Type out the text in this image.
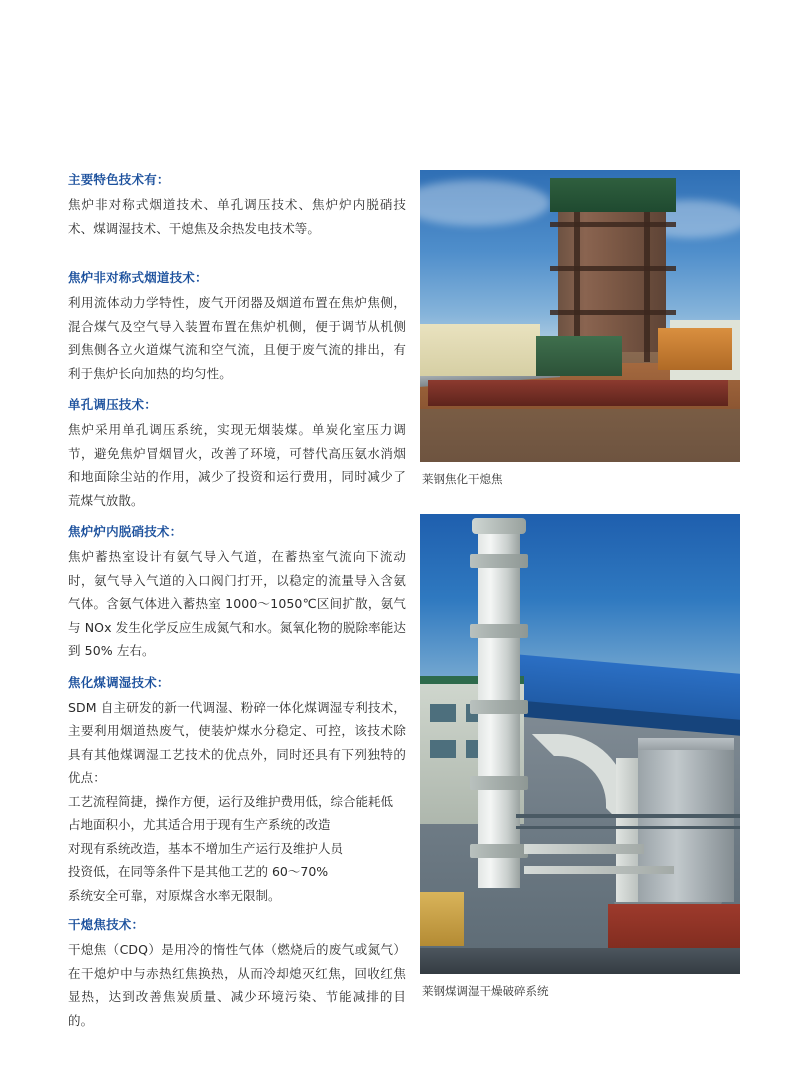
主要特色技术有：

焦炉非对称式烟道技术、单孔调压技术、焦炉炉内脱硝技术、煤调湿技术、干熄焦及余热发电技术等。

焦炉非对称式烟道技术：

利用流体动力学特性，废气开闭器及烟道布置在焦炉焦侧，混合煤气及空气导入装置布置在焦炉机侧，便于调节从机侧到焦侧各立火道煤气流和空气流，且便于废气流的排出，有利于焦炉长向加热的均匀性。

单孔调压技术：

焦炉采用单孔调压系统，实现无烟装煤。单炭化室压力调节，避免焦炉冒烟冒火，改善了环境，可替代高压氨水消烟和地面除尘站的作用，减少了投资和运行费用，同时减少了荒煤气放散。

焦炉炉内脱硝技术：

焦炉蓄热室设计有氨气导入气道，在蓄热室气流向下流动时，氨气导入气道的入口阀门打开，以稳定的流量导入含氨气体。含氨气体进入蓄热室 1000～1050℃区间扩散，氨气与 NOx 发生化学反应生成氮气和水。氮氧化物的脱除率能达到 50% 左右。

焦化煤调湿技术：

SDM 自主研发的新一代调湿、粉碎一体化煤调湿专利技术，主要利用烟道热废气，使装炉煤水分稳定、可控，该技术除具有其他煤调湿工艺技术的优点外，同时还具有下列独特的优点：

工艺流程简捷，操作方便，运行及维护费用低，综合能耗低
占地面积小，尤其适合用于现有生产系统的改造
对现有系统改造，基本不增加生产运行及维护人员
投资低，在同等条件下是其他工艺的 60～70%
系统安全可靠，对原煤含水率无限制。
干熄焦技术：

干熄焦（CDQ）是用冷的惰性气体（燃烧后的废气或氮气）在干熄炉中与赤热红焦换热，从而冷却熄灭红焦，回收红焦显热，达到改善焦炭质量、减少环境污染、节能减排的目的。

莱钢焦化干熄焦
莱钢煤调湿干燥破碎系统
